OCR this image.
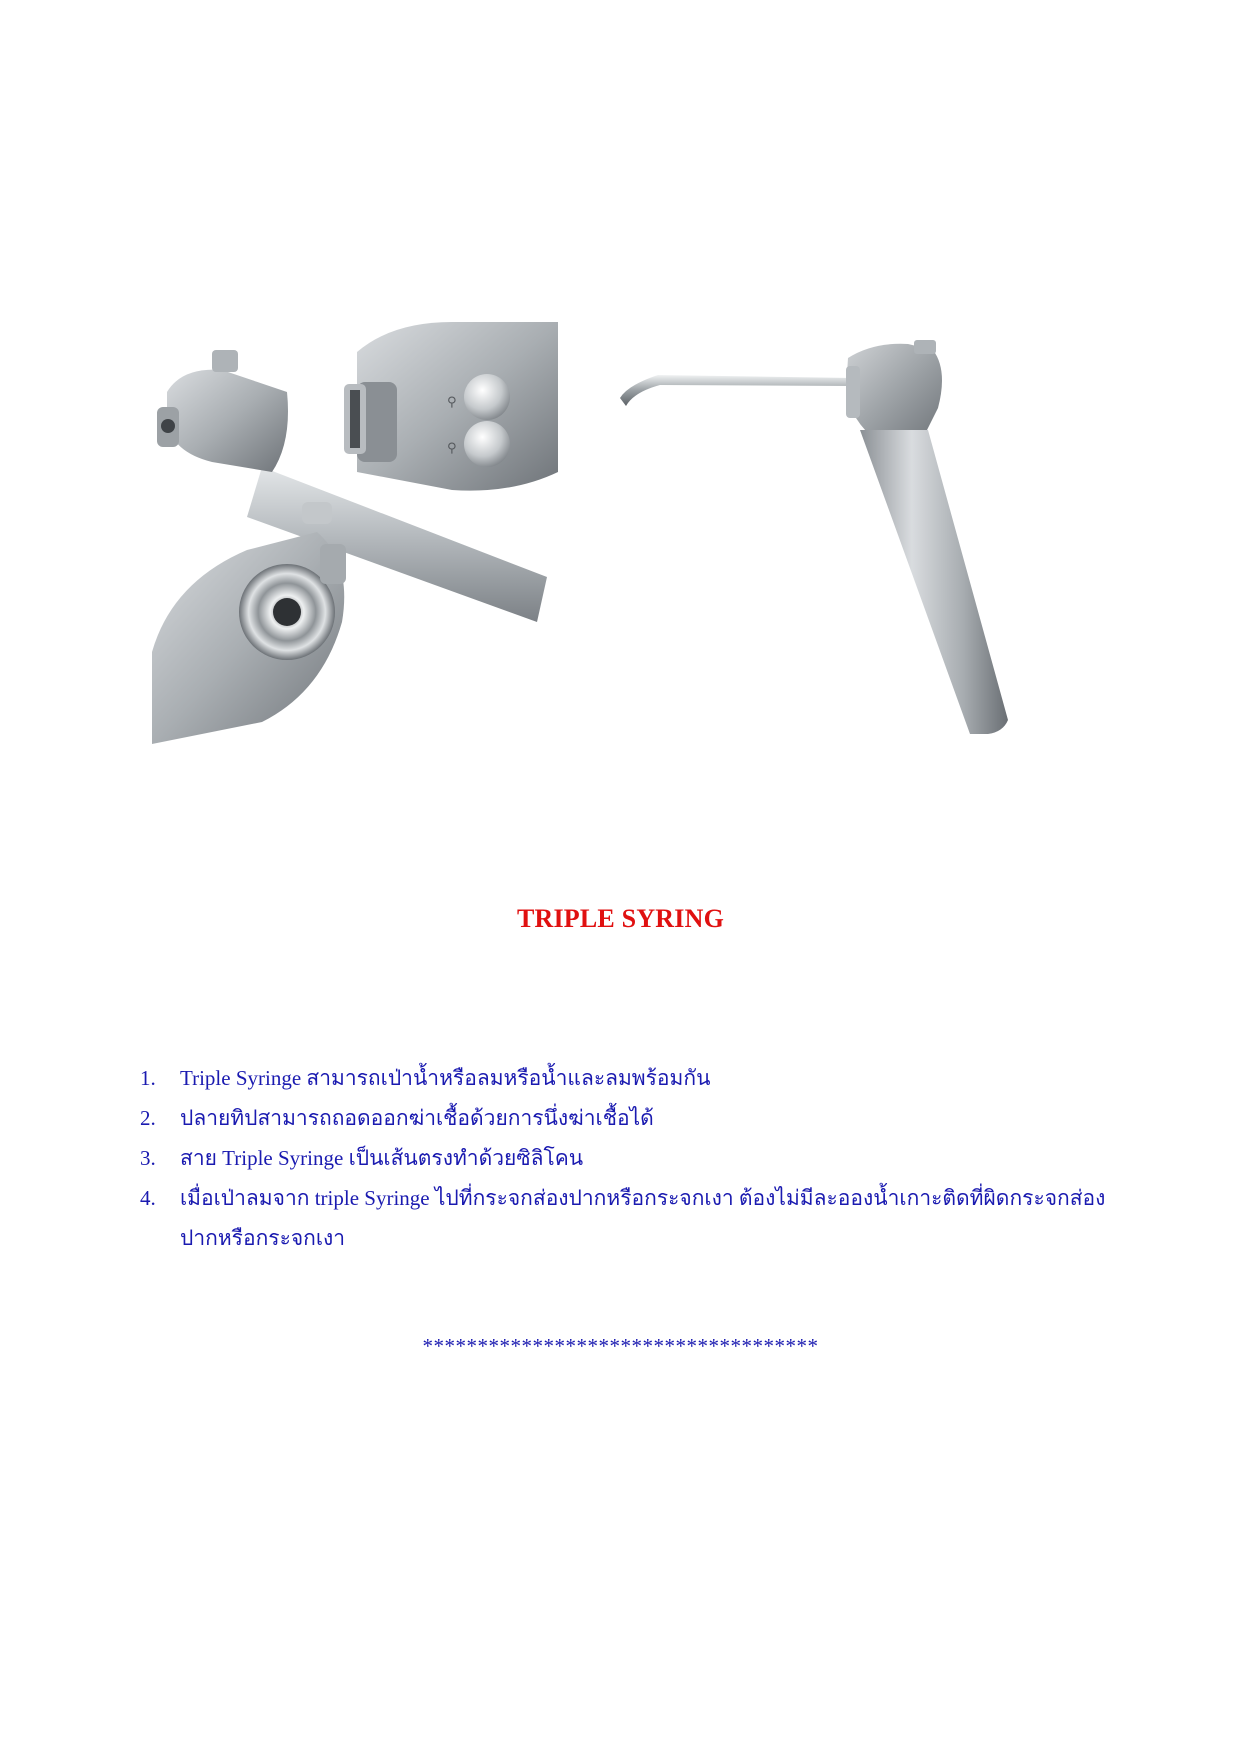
⚲
⚲
TRIPLE SYRING
1. Triple Syringe สามารถเป่าน้ำหรือลมหรือน้ำและลมพร้อมกัน
2. ปลายทิปสามารถถอดออกฆ่าเชื้อด้วยการนึ่งฆ่าเชื้อได้
3. สาย Triple Syringe เป็นเส้นตรงทำด้วยซิลิโคน
4. เมื่อเป่าลมจาก triple Syringe ไปที่กระจกส่องปากหรือกระจกเงา ต้องไม่มีละอองน้ำเกาะติดที่ผิดกระจกส่องปากหรือกระจกเงา
************************************
